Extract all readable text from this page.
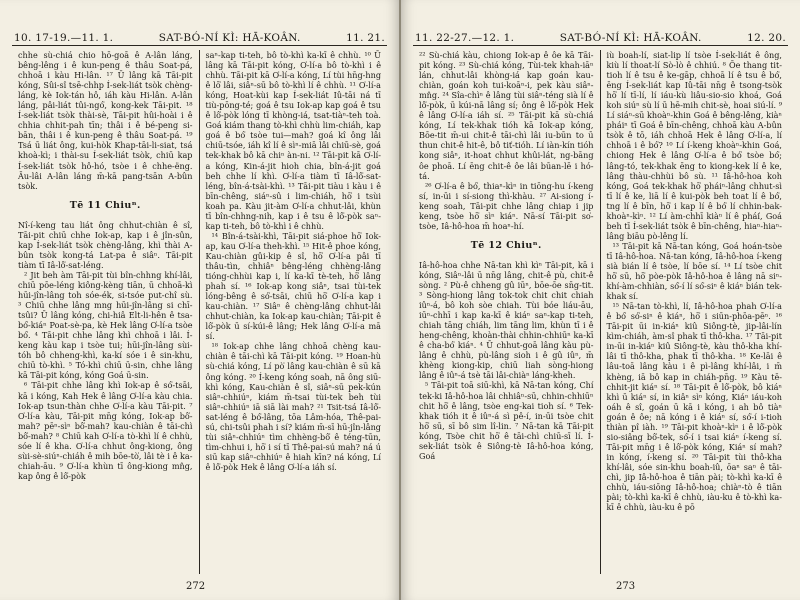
10. 17-19.—11. 1.	SAT-BÓ-NÍ KÌ: HĀ-KOÂN.	11. 21.

chhe sù-chiá chio hō-goā ê A-lân láng, bêng-lêng i ê kun-peng ê thâu Soat-pá, chhoā i kàu Hi-lân. ¹⁷ Ū lâng kā Tāi-pit kóng, Sûi-sî tsē-chhp Í-sek-liát tsòk chèng-láng, kè Iok-tán hô, iáh kàu Hi-lân. A-lân láng, pâi-liát tûi-ngó͘, kong-kek Tāi-pit. ¹⁸ Í-sek-liát tsòk thài-sè, Tāi-pit hûi-hoài i ê chhia chhit-pah tīn; thâi i ê bé-peng si-bān, thâi i ê kun-peng ê thâu Soat-pá. ¹⁹ Tsá ū liát ông, kui-hòk Khap-tāi-li-siat, tsá khoà-kì; i thài-su Í-sek-liát tsòk, chiū kap Í-sek-liát tsòk hô-hó, tsòe i ê chhe-ëng. Āu-lâi A-lân láng m̄-kā pang-tsān A-bûn tsòk.

Tē 11 Chiuⁿ.

Nî-í-keng tau liát ông chhut-chiàn ê sî, Tāi-pit chiū chhe Iok-ap, kap i ê jîn-sûn, kap Í-sek-liát tsòk chèng-lâng, khì thài A-bûn tsòk kong-tá Lat-pa ê siâⁿ. Tāi-pit tiàm tī Iâ-lô͘-sat-léng.

² Jit beh àm Tāi-pit tùi bîn-chhng khí-lâi, chiū pōe-léng kiông-kèng tiān, ū chhoā-kì hūi-jîn-lâng toh sóe-ék, si-tsóe put-chî sù. ³ Chiū chhe lâng mng hūi-jîn-lâng si chī-tsûi? Ū lâng kóng, chi-hiâ Elt-li-hên ê tsa-bó͘-kiáⁿ Poat-sè-pa, kè Hek lâng O͘-lí-a tsòe bó͘. ⁴ Tāi-pit chhe lâng khì chhoā i lâi. Í-keng kàu kap i tsòe tui; hūi-jîn-lâng sùi-tóh bô chheng-khì, ka-kí sóe i ê sin-khu, chiū tò-khì. ⁵ Tó-khì chiū ū-sin, chhe lâng kā Tāi-pit kóng, kóng Goá ū-sin.

⁶ Tāi-pit chhe lâng khì Iok-ap ê só͘-tsāi, kā i kóng, Kah Hek ê lâng O͘-lí-a kàu chia. Iok-ap tsun-thàn chhe O͘-lí-a kàu Tāi-pit. ⁷ O͘-lí-a kàu, Tāi-pit mn̄g kóng, Iok-ap bô͘-mah? pēⁿ-sìⁿ bô͘-mah? kau-chiàn ê tāi-chì bô͘-mah? ⁸ Chiū kah O͘-lí-a tò-khì lí ê chhù, sóe lí ê kha. O͘-lí-a chhut ông-kiong, ông sùi-sè-siúⁿ-chiáh ê mih bōe-tò͘, lâi tè i ê ka-chiah-āu. ⁹ O͘-lí-a khùn tī ông-kiong mn̂g, kap ông ê lô͘-pòk

saⁿ-kap ti-teh, bô tò-khì ka-kī ê chhù. ¹⁰ Ū lâng kā Tāi-pit kóng, O͘-lí-a bô tò-khì i ê chhù. Tāi-pit kā O͘-lí-a kóng, Lí tùi hn̄g-hng ê lō͘ lâi, siâⁿ-sū bô tò-khì lí ê chhù. ¹¹ O͘-lí-a kóng, Hoat-kùi kap Í-sek-liát Iû-tāi ná tī tiù-pōng-té; goá ê tsu Iok-ap kap goá ê tsu ê lô͘-pòk lóng tī khòng-iá, tsat-tiàⁿ-teh toà. Goá kiám thang tò-khì chhù lim-chiáh, kap goá ê bó͘ tsòe tui—mah? goá kî ông lâi chiū-tsóe, iáh kî lí ê sìⁿ-miā lâi chiū-sè, goá tek-khak bô kā chiⁿ àn-ni. ¹² Tāi-pit kā O͘-lí-a kóng, Kin-á-jit hioh chia, bîn-á-jit goá beh chhe lí khì. O͘-lí-a tiàm tī Iâ-lô͘-sat-léng, bîn-á-tsài-khì. ¹³ Tāi-pit tiàu i kàu i ê bīn-chêng, siáⁿ-sû i lim-chiáh, hō͘ i tsùi koah pa. Kàu jit-àm O͘-lí-a chhut-lâi, khùn tī bîn-chhng-nih, kap i ê tsu ê lô͘-pòk saⁿ-kap ti-teh, bô tò-khì i ê chhù.

¹⁴ Bîn-á-tsài-khì, Tāi-pit siá-phoe hō͘ Iok-ap, kau O͘-lí-a theh-khì. ¹⁵ Hit-ê phoe kóng, Kau-chiàn gûi-kip ê sî, hō͘ O͘-lí-a pâi tī thâu-tìn, chhiâⁿ bêng-léng chhèng-lâng tióng-chhùi kap i, lí ka-kī tè-teh, hō͘ lâng phah sí. ¹⁶ Iok-ap kong siâⁿ, tsai tùi-tek lóng-bêng ê só͘-tsāi, chiū hō͘ O͘-lí-a kap i kau-chiàn. ¹⁷ Siâⁿ ê chèng-lâng chhut-lâi chhut-chiàn, ka Iok-ap kau-chiàn; Tāi-pit ê lô͘-pòk ū sí-kúi-ê lâng; Hek lâng O͘-lí-a mā sí.

¹⁸ Iok-ap chhe lâng chhoā chèng kau-chiàn ê tāi-chì kā Tāi-pit kóng. ¹⁹ Hoan-hù sù-chiá kóng, Lí pò͘ lâng kau-chiàn ê sū kā ông kóng. ²⁰ Í-keng kóng soah, nā ông siū-khì kóng, Kau-chiàn ê sî, siâⁿ-sū pek-kún siâⁿ-chhiúⁿ, kiám m̄-tsai tùi-tek beh tùi siâⁿ-chhiúⁿ iā siā lài mah? ²¹ Tsit-tsá Iâ-lô͘-sat-léng ê bó͘-lâng, tōa Lâm-hóa, Thê-pai-sú, chi-tsûi phah i sí? kiám m̄-sī hū-jîn-lâng tùi siâⁿ-chhiúⁿ tìm chhèng-bô͘ ê téng-tūn, tìm-chhui i, hō͘ i sí tī Thê-pai-sú mah? ná ú siū kap siâⁿ-chhiúⁿ ê hiah kīn? ná kóng, Lí ê lô͘-pòk Hek ê lâng O͘-lí-a iáh sí.

272
11. 22-27.—12. 1.	SAT-BÓ-NÍ KÌ: HĀ-KOÂN.	12. 20.

²² Sù-chiá kàu, chiong Iok-ap ê ôe kā Tāi-pit kóng. ²³ Sù-chiá kóng, Tùi-tek khah-iāⁿ lán, chhut-lâi khòng-iá kap goán kau-chiàn, goán koh tui-koāⁿ-i, pek kàu siâⁿ-mn̂g. ²⁴ Sîa-chìⁿ ê lâng tùi siâⁿ-téng sià lí ê lô͘-pòk, ū kúi-nā lâng sí; ông ê lô͘-pòk Hek ê lâng O͘-lí-a iáh sí. ²⁵ Tāi-pit kā sù-chiá kóng, Lí tek-khak tióh kā Iok-ap kóng, Bōe-tit m̄-ui chit-ê tāi-chì lâi iu-būn to ū thun chit-ê hit-ê, bô tit͘-tióh. Lí iàn-kín tióh kong siâⁿ, it-hoat chhut khûi-lát, ng-bāng ôe phoā. Lí ēng chit-ê ôe lâi būan-lē i hó-tá.

²⁶ O͘-lí-a ê bó͘, thiaⁿ-kìⁿ in tiōng-hu í-keng sí, in-ūi i sí-siong thì-khàu. ²⁷ Ai-siong í-keng soah, Tāi-pit chhe lâng chiap i jip keng, tsòe hō͘ sìⁿ kiáⁿ. Nā-sí Tāi-pit so͘-tsòe, Iâ-hô-hoa m̄ hoaⁿ-hí.

Tē 12 Chiuⁿ.

Iâ-hô-hoa chhe Nā-tan khì kìⁿ Tāi-pit, kā i kóng, Siâⁿ-lâi ū nn̄g lâng, chit-ê pù, chit-ê sòng. ² Pù-ê chheng gû iūⁿ, bōe-ōe sn̄g-tit. ³ Sòng-hiong lâng tok-tok chit chit chiah iûⁿ-á, bô koh sòe chiah. Tùi bóe liáu-āu, iūⁿ-chhī i kap ka-kī ê kiáⁿ saⁿ-kap ti-teh, chiah tāng chiáh, lim tāng lim, khùn tī i ê heng-chêng, khoàn-thài chhin-chhiūⁿ ka-kī ê cha-bó͘ kiáⁿ. ⁴ Ū chhut-goā lâng kàu pù-lâng ê chhù, pù-lâng sioh i ê gû iûⁿ, m̄ khèng kiong-kip, chiū liah sòng-hiong lâng ê iûⁿ-á tsè tāi lâi-chiàⁿ láng-kheh.

⁵ Tāi-pit toā siū-khì, kā Nā-tan kóng, Chí tek-ki Iâ-hô-hoa lâi chhiâⁿ-sū, chhin-chhiūⁿ chit hō͘ ê lâng, tsòe eng-kai tioh sí. ⁶ Tek-khak tióh it ê iûⁿ-á sì pê-í, in-ūi tsòe chit hō͘ sū, sī bô sim lî-lin. ⁷ Nā-tan kā Tāi-pit kóng, Tsòe chit hō͘ ê tāi-chì chiū-sī lí. Í-sek-liát tsòk ê Siông-tè Iâ-hô-hoa kóng, Goá

iù boah-lí, siat-lip lí tsòe Í-sek-liát ê ông, kiù lí thoat-lí Sò-lò ê chhiú. ⁸ Ōe thang tit-tioh lí ê tsu ê ke-gāp, chhoā lí ê tsu ê bó͘, ēng Í-sek-liát kap Iû-tāi nn̄g ê tsong-tsòk hō͘ lí tī-lí, lí iáu-kù liâu-sio-sio khoá, Goá koh siúⁿ sù lí ū hē-mih chit-sè, hoai siú-lí. ⁹ Lí siáⁿ-sū khoàⁿ-khin Goá ê bêng-lêng, kiàⁿ pháiⁿ tī Goá ê bīn-chêng, chhoā kàu A-bûn tsòk ê tō, iáh chhoā Hek ê lâng O͘-lí-a, lí chhoā i ê bó͘? ¹⁰ Lí í-keng khoàⁿ-khin Goá, chiong Hek ê lâng O͘-lí-a ê bó͘ tsòe bó͘; lâng-tó, tek-khak ēng to kiong-kek lí ê ke, lâng thàu-chhùi bô sù. ¹¹ Iâ-hô-hoa koh kóng, Goá tek-khak hō͘ pháiⁿ-lâng chhut-sì tī lí ê ke, liā lí ê kui-pòk beh toat lí ê bó͘, tng lí ê bīn, hō͘ i kap lí ê bó͘ lí chhin-bak-khoàⁿ-kìⁿ. ¹² Lí àm-chhī kiàⁿ lí ê phái͘, Goá beh tī Í-sek-liát tsòk ê bīn-chêng, hiaⁿ-hiaⁿ-lâng biāu pò-lêng lí.

¹³ Tāi-pit kā Nā-tan kóng, Goá hoán-tsòe tī Iâ-hô-hoa. Nā-tan kóng, Iâ-hô-hoa í-keng sià bián lí ê tsòe, lí bōe sí. ¹⁴ Lí tsòe chit hō͘ sū, hō͘ pòe-pòk Iâ-hô-hoa ê lâng nā siⁿ-khí-àm-chhiàn, só͘-í lí só͘-siⁿ ê kiáⁿ bián tek-khak sí.

¹⁵ Nā-tan tò-khì, lí, Iâ-hô-hoa phah O͘-lí-a ê bó͘ só͘-siⁿ ê kiáⁿ, hō͘ i siūn-phōa-pēⁿ. ¹⁶ Tāi-pit ūi in-kiáⁿ kiû Siông-tè, jip-lâi-lín kìm-chiáh, àm-sî phak tī thô-kha. ¹⁷ Tāi-pit in-ūi in-kiáⁿ kiû Siông-tè, kàu thô-kha khí-lâi tī thô-kha, phak tī thô-kha. ¹⁸ Ke-lāi ê lâu-toā lâng kàu i ê pì-lâng khí-lâi, i m̄ khèng, iā bô kap in chiáh-pn̄g. ¹⁹ Kàu tē-chhit-jit kiáⁿ sí. ¹⁸ Tāi-pit ê lô͘-pòk, bô kiáⁿ khì ū kiáⁿ sí, in kiâⁿ sìⁿ kóng, Kiáⁿ iáu-koh oáh ê sî, goán ū kā i kóng, i ah bô tiàⁿ goán ê ôe; nā kóng i ê kiáⁿ sí, só͘-í i-tioh thiàn pî iàh. ¹⁹ Tāi-pit khoàⁿ-kìⁿ i ê lô͘-pòk sio-siâng bô͘-tek, só͘-í i tsai kiáⁿ í-keng sí. Tāi-pit mn̄g i ê lô͘-pòk kóng, Kiáⁿ sí mah? in kóng, í-keng sí. ²⁰ Tāi-pit tùi thô-kha khí-lâi, sóe sin-khu boah-iû, ōaⁿ saⁿ ê tāi-chì, jip Iâ-hô-hoa ê tiān pài; tò-khì ka-kī ê chhù, iáu-siōng Iâ-hô-hoa; chiàⁿ-tò ê tiān pài; tò-khì ka-kī ê chhù, iàu-ku ê tò-khì ka-kī ê chhù, iàu-ku ê pō

273
